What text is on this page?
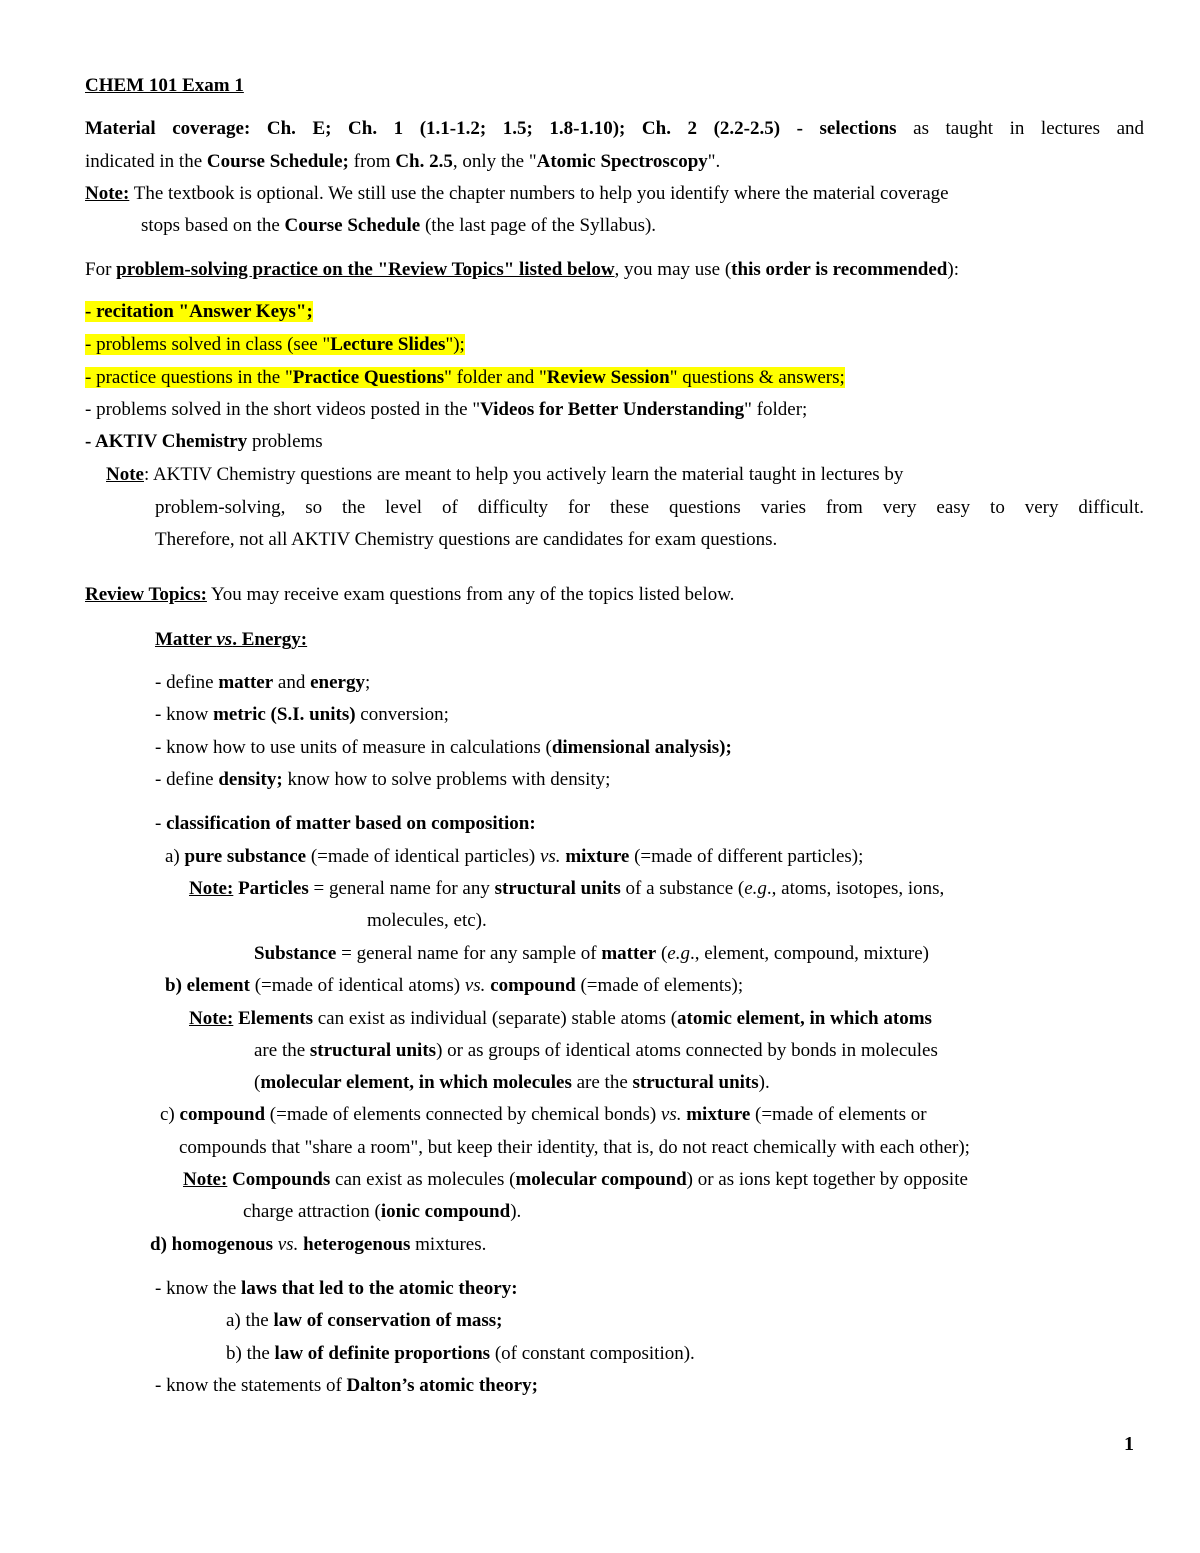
CHEM 101 Exam 1
Material coverage: Ch. E; Ch. 1 (1.1-1.2; 1.5; 1.8-1.10); Ch. 2 (2.2-2.5) - selections as taught in lectures and
indicated in the Course Schedule; from Ch. 2.5, only the "Atomic Spectroscopy".
Note: The textbook is optional. We still use the chapter numbers to help you identify where the material coverage
stops based on the Course Schedule (the last page of the Syllabus).
For problem-solving practice on the "Review Topics" listed below, you may use (this order is recommended):
- recitation "Answer Keys";
- problems solved in class (see "Lecture Slides");
- practice questions in the "Practice Questions" folder and "Review Session" questions & answers;
- problems solved in the short videos posted in the "Videos for Better Understanding" folder;
- AKTIV Chemistry problems
Note: AKTIV Chemistry questions are meant to help you actively learn the material taught in lectures by
problem-solving, so the level of difficulty for these questions varies from very easy to very difficult.
Therefore, not all AKTIV Chemistry questions are candidates for exam questions.
Review Topics: You may receive exam questions from any of the topics listed below.
Matter vs. Energy:
- define matter and energy;
- know metric (S.I. units) conversion;
- know how to use units of measure in calculations (dimensional analysis);
- define density; know how to solve problems with density;
- classification of matter based on composition:
a) pure substance (=made of identical particles) vs. mixture (=made of different particles);
Note: Particles = general name for any structural units of a substance (e.g., atoms, isotopes, ions,
molecules, etc).
Substance = general name for any sample of matter (e.g., element, compound, mixture)
b) element (=made of identical atoms) vs. compound (=made of elements);
Note: Elements can exist as individual (separate) stable atoms (atomic element, in which atoms
are the structural units) or as groups of identical atoms connected by bonds in molecules
(molecular element, in which molecules are the structural units).
c) compound (=made of elements connected by chemical bonds) vs. mixture (=made of elements or
compounds that "share a room", but keep their identity, that is, do not react chemically with each other);
Note: Compounds can exist as molecules (molecular compound) or as ions kept together by opposite
charge attraction (ionic compound).
d) homogenous vs. heterogenous mixtures.
- know the laws that led to the atomic theory:
a) the law of conservation of mass;
b) the law of definite proportions (of constant composition).
- know the statements of Dalton’s atomic theory;
1
